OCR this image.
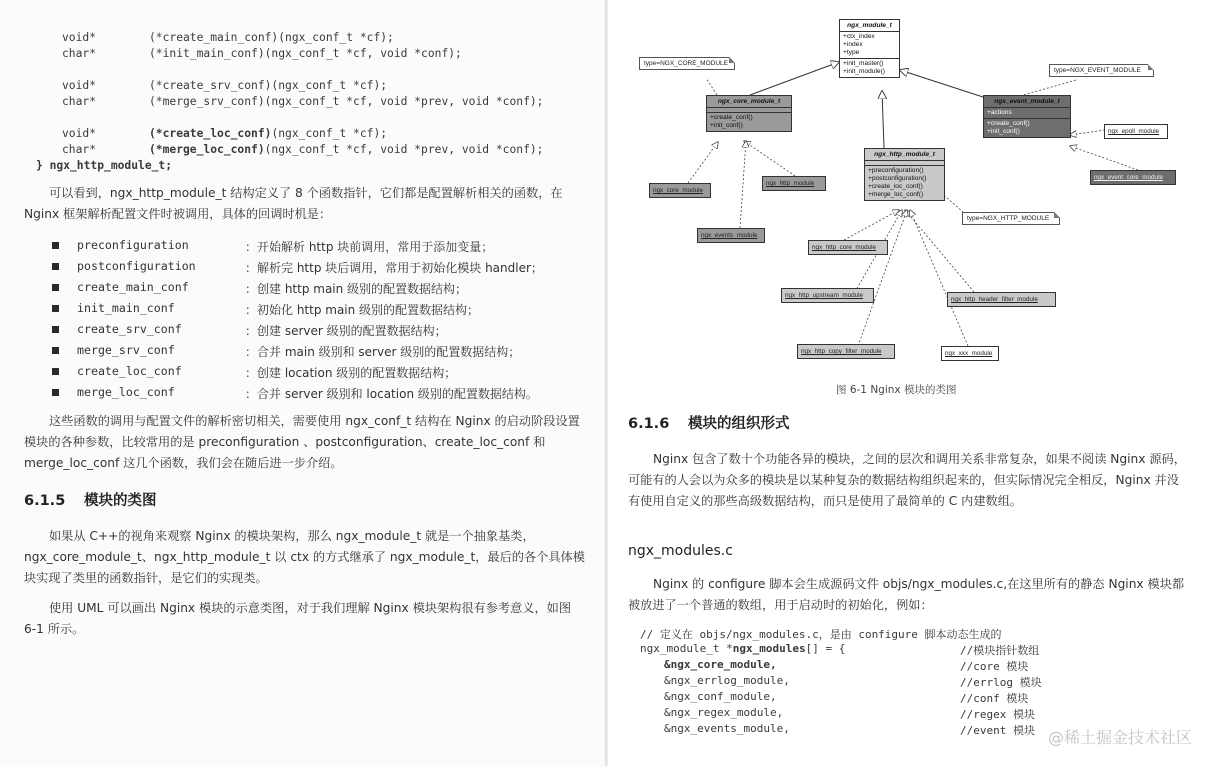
void*	(*create_main_conf)(ngx_conf_t *cf);
char*	(*init_main_conf)(ngx_conf_t *cf, void *conf);
void*	(*create_srv_conf)(ngx_conf_t *cf);
char*	(*merge_srv_conf)(ngx_conf_t *cf, void *prev, void *conf);
void*	(*create_loc_conf)(ngx_conf_t *cf);
char*	(*merge_loc_conf)(ngx_conf_t *cf, void *prev, void *conf);
} ngx_http_module_t;
可以看到，ngx_http_module_t 结构定义了 8 个函数指针，它们都是配置解析相关的函数，在 Nginx 框架解析配置文件时被调用，具体的回调时机是：
preconfiguration	：开始解析 http 块前调用，常用于添加变量；
postconfiguration	：解析完 http 块后调用，常用于初始化模块 handler；
create_main_conf	：创建 http main 级别的配置数据结构；
init_main_conf	：初始化 http main 级别的配置数据结构；
create_srv_conf	：创建 server 级别的配置数据结构；
merge_srv_conf	：合并 main 级别和 server 级别的配置数据结构；
create_loc_conf	：创建 location 级别的配置数据结构；
merge_loc_conf	：合并 server 级别和 location 级别的配置数据结构。
这些函数的调用与配置文件的解析密切相关，需要使用 ngx_conf_t 结构在 Nginx 的启动阶段设置模块的各种参数，比较常用的是 preconfiguration 、postconfiguration、create_loc_conf 和 merge_loc_conf 这几个函数，我们会在随后进一步介绍。
6.1.5 模块的类图
如果从 C++的视角来观察 Nginx 的模块架构，那么 ngx_module_t 就是一个抽象基类，ngx_core_module_t、ngx_http_module_t 以 ctx 的方式继承了 ngx_module_t，最后的各个具体模块实现了类里的函数指针，是它们的实现类。
使用 UML 可以画出 Nginx 模块的示意类图，对于我们理解 Nginx 模块架构很有参考意义，如图 6-1 所示。
ngx_module_t
+ctx_index
+index
+type
+init_master()
+init_module()
ngx_core_module_t
+create_conf()
+init_conf()
ngx_event_module_t
+actions
+create_conf()
+init_conf()
ngx_http_module_t
+preconfiguration()
+postconfiguration()
+create_loc_conf()
+merge_loc_conf()
type=NGX_CORE_MODULE
type=NGX_EVENT_MODULE
type=NGX_HTTP_MODULE
ngx_core_module
ngx_http_module
ngx_events_module
ngx_epoll_module
ngx_event_core_module
ngx_http_core_module
ngx_http_upstream_module
ngx_http_header_filter_module
ngx_http_copy_filter_module	ngx_xxx_module
图 6-1 Nginx 模块的类图
6.1.6 模块的组织形式
Nginx 包含了数十个功能各异的模块，之间的层次和调用关系非常复杂，如果不阅读 Nginx 源码，可能有的人会以为众多的模块是以某种复杂的数据结构组织起来的，但实际情况完全相反，Nginx 并没有使用自定义的那些高级数据结构，而只是使用了最简单的 C 内建数组。
ngx_modules.c
Nginx 的 configure 脚本会生成源码文件 objs/ngx_modules.c,在这里所有的静态 Nginx 模块都被放进了一个普通的数组，用于启动时的初始化，例如：
// 定义在 objs/ngx_modules.c，是由 configure 脚本动态生成的
ngx_module_t *ngx_modules[] = {	//模块指针数组
&ngx_core_module,	//core 模块
&ngx_errlog_module,	//errlog 模块
&ngx_conf_module,	//conf 模块
&ngx_regex_module,	//regex 模块
&ngx_events_module,	//event 模块 @稀土掘金技术社区
